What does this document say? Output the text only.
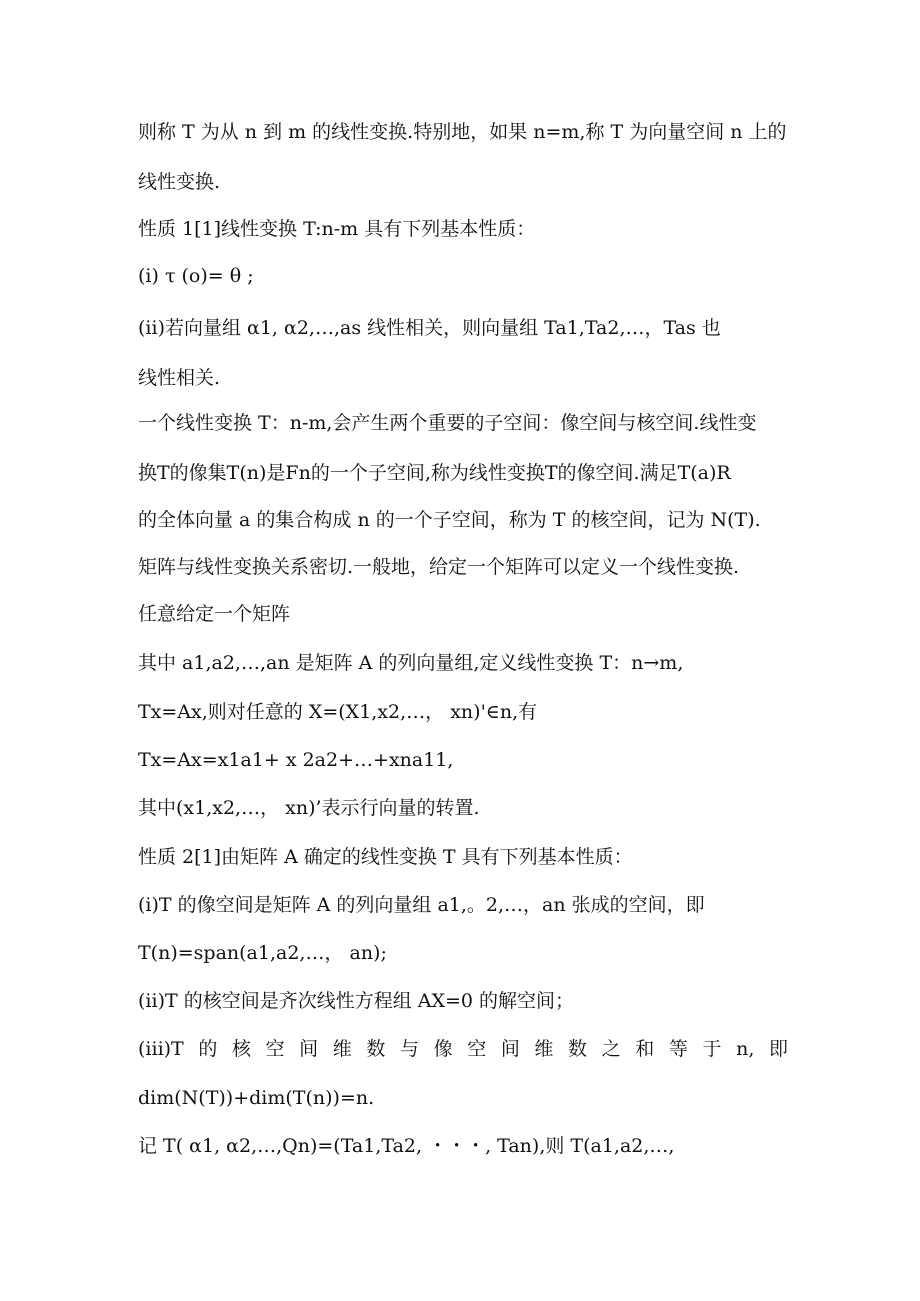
则称 T 为从 n 到 m 的线性变换.特别地，如果 n=m,称 T 为向量空间 n 上的
线性变换.
性质 1[1]线性变换 T:n-m 具有下列基本性质：
(i) τ (o)= θ ;
(ii)若向量组 α1, α2,…,as 线性相关，则向量组 Ta1,Ta2,…，Tas 也
线性相关.
一个线性变换 T：n-m,会产生两个重要的子空间：像空间与核空间.线性变
换T的像集T(n)是Fn的一个子空间,称为线性变换T的像空间.满足T(a)R
的全体向量 a 的集合构成 n 的一个子空间，称为 T 的核空间，记为 N(T).
矩阵与线性变换关系密切.一般地，给定一个矩阵可以定义一个线性变换.
任意给定一个矩阵
其中 a1,a2,…,an 是矩阵 A 的列向量组,定义线性变换 T：n→m,
Tx=Ax,则对任意的 X=(X1,x2,…， xn)'∈n,有
Tx=Ax=x1a1+ x 2a2+…+xna11,
其中(x1,x2,…， xn)’表示行向量的转置.
性质 2[1]由矩阵 A 确定的线性变换 T 具有下列基本性质：
(i)T 的像空间是矩阵 A 的列向量组 a1,。2,…，an 张成的空间，即
T(n)=span(a1,a2,…， an);
(ii)T 的核空间是齐次线性方程组 AX=0 的解空间；
(iii)T 的 核 空 间 维 数 与 像 空 间 维 数 之 和 等 于 n, 即
dim(N(T))+dim(T(n))=n.
记 T( α1, α2,…,Qn)=(Ta1,Ta2, ・・・, Tan),则 T(a1,a2,…,
